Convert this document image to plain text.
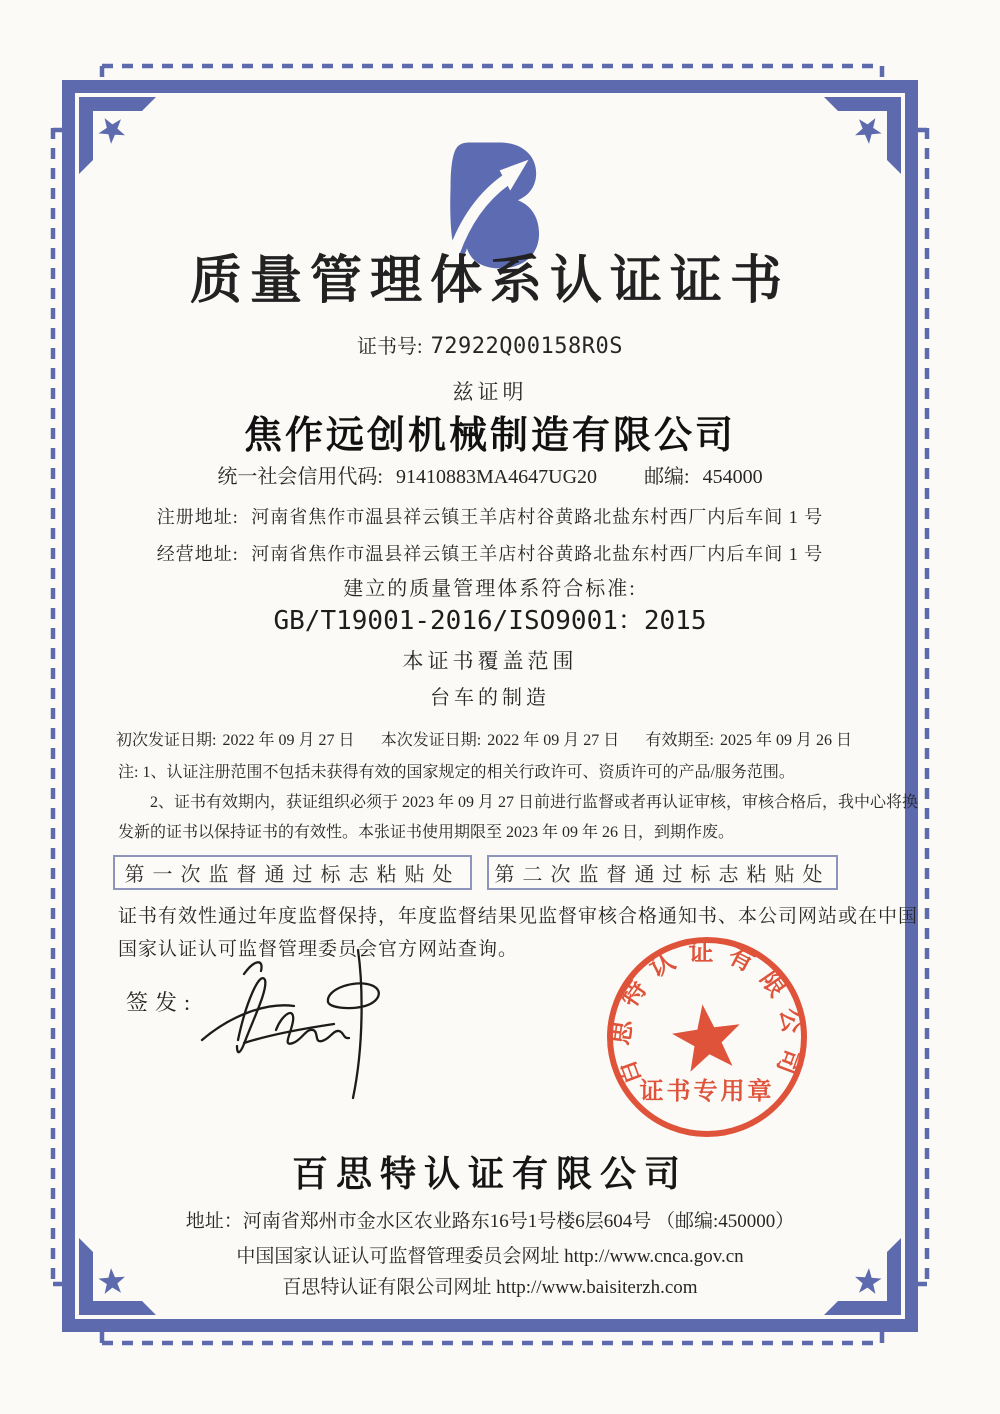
质量管理体系认证证书
证书号: 72922Q00158R0S
兹证明
焦作远创机械制造有限公司
统一社会信用代码: 91410883MA4647UG20 邮编: 454000
注册地址: 河南省焦作市温县祥云镇王羊店村谷黄路北盐东村西厂内后车间 1 号
经营地址: 河南省焦作市温县祥云镇王羊店村谷黄路北盐东村西厂内后车间 1 号
建立的质量管理体系符合标准:
GB/T19001-2016/ISO9001：2015
本证书覆盖范围
台车的制造
初次发证日期: 2022 年 09 月 27 日 本次发证日期: 2022 年 09 月 27 日 有效期至: 2025 年 09 月 26 日
注: 1、认证注册范围不包括未获得有效的国家规定的相关行政许可、资质许可的产品/服务范围。
2、证书有效期内，获证组织必须于 2023 年 09 月 27 日前进行监督或者再认证审核，审核合格后，我中心将换
发新的证书以保持证书的有效性。本张证书使用期限至 2023 年 09 年 26 日，到期作废。
第一次监督通过标志粘贴处	第二次监督通过标志粘贴处
证书有效性通过年度监督保持，年度监督结果见监督审核合格通知书、本公司网站或在中国
国家认证认可监督管理委员会官方网站查询。
签发:
百思特认证有限公司
证书专用章
百思特认证有限公司
地址：河南省郑州市金水区农业路东16号1号楼6层604号 （邮编:450000）
中国国家认证认可监督管理委员会网址 http://www.cnca.gov.cn
百思特认证有限公司网址 http://www.baisiterzh.com
